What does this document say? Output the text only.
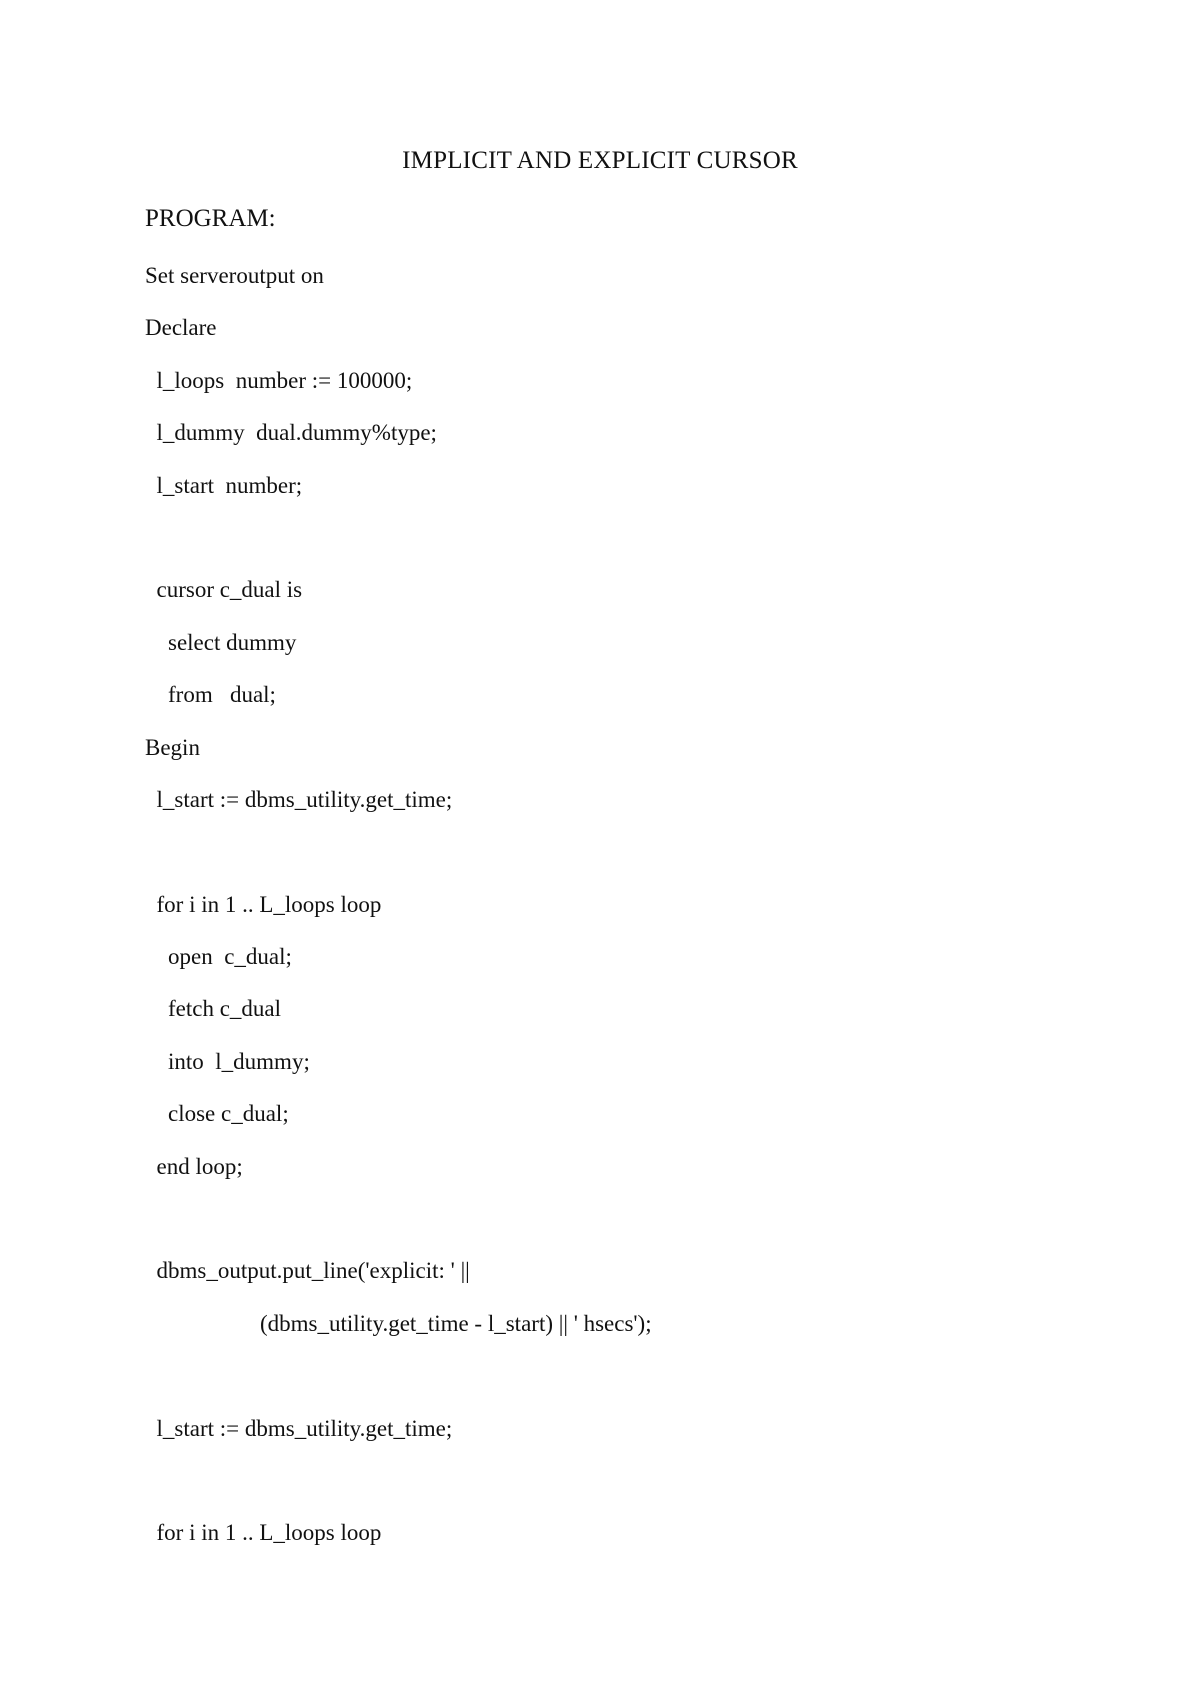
IMPLICIT AND EXPLICIT CURSOR
PROGRAM:
Set serveroutput on
Declare
l_loops  number := 100000;
l_dummy  dual.dummy%type;
l_start  number;
cursor c_dual is
select dummy
from   dual;
Begin
l_start := dbms_utility.get_time;
for i in 1 .. L_loops loop
open  c_dual;
fetch c_dual
into  l_dummy;
close c_dual;
end loop;
dbms_output.put_line('explicit: ' ||
(dbms_utility.get_time - l_start) || ' hsecs');
l_start := dbms_utility.get_time;
for i in 1 .. L_loops loop
